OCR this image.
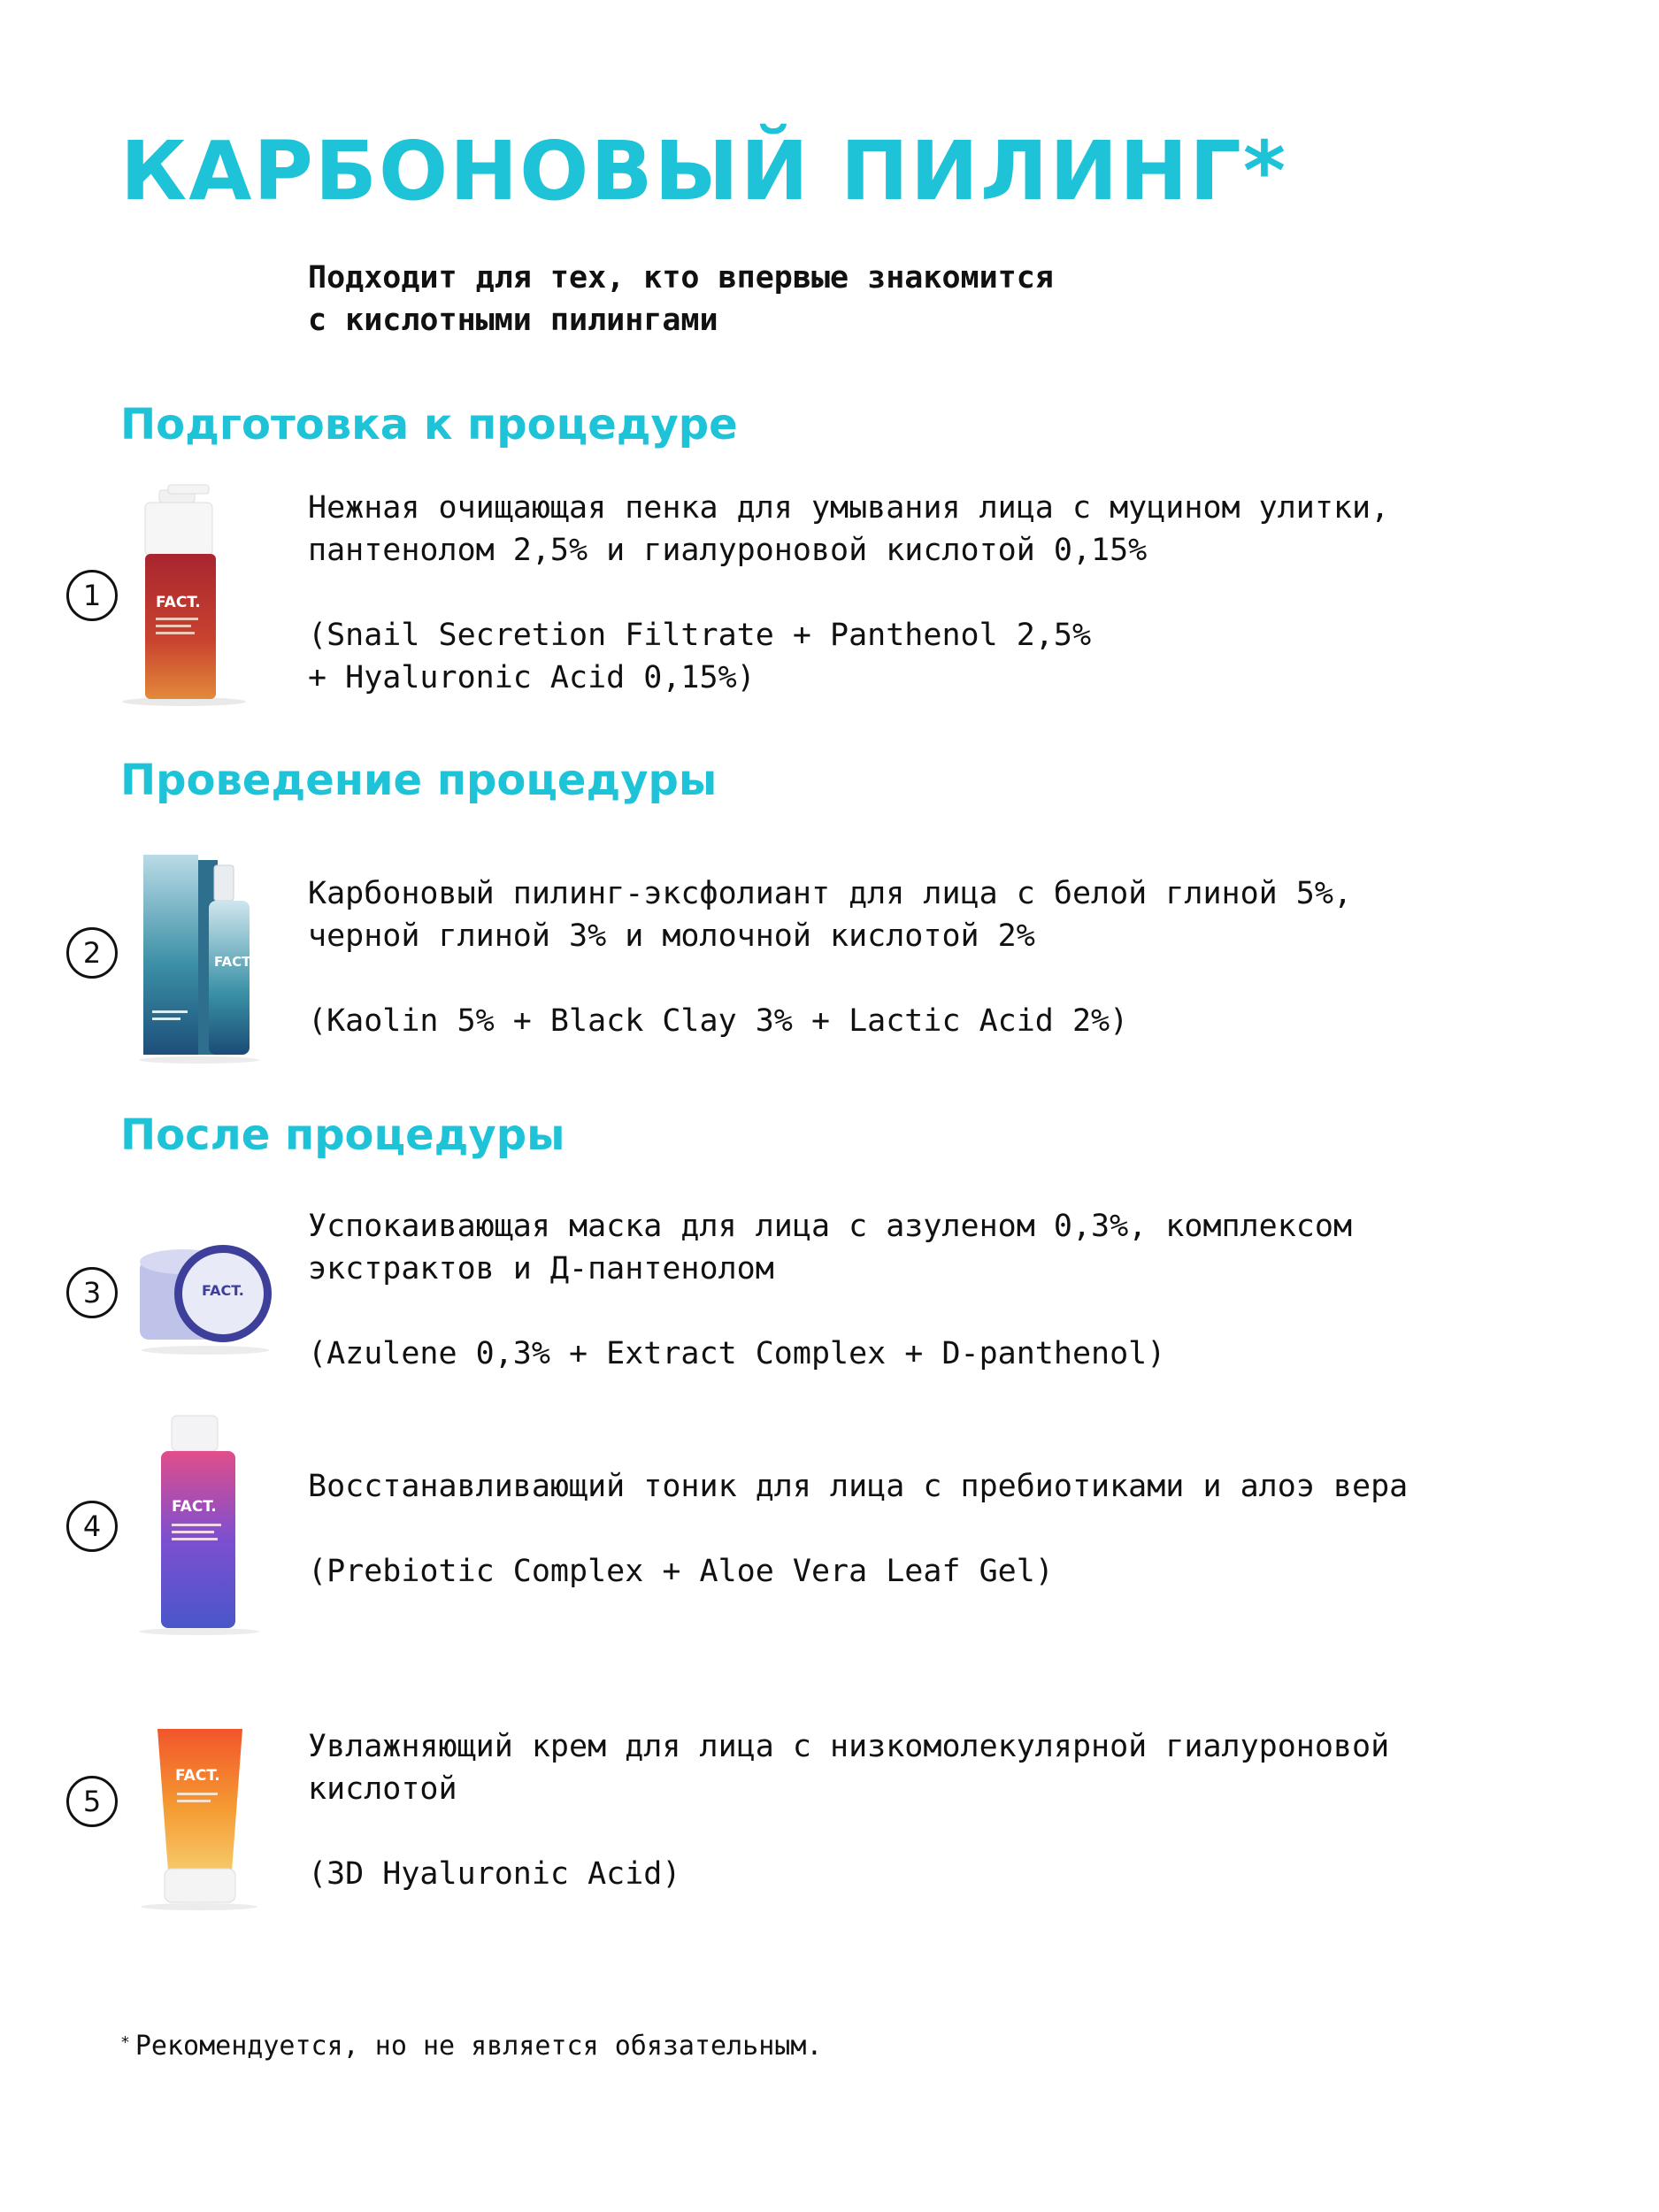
КАРБОНОВЫЙ ПИЛИНГ*
Подходит для тех, кто впервые знакомится
с кислотными пилингами
Подготовка к процедуре
Проведение процедуры
После процедуры
1	FACT.

Нежная очищающая пенка для умывания лица с муцином улитки,

пантенолом 2,5% и гиалуроновой кислотой 0,15%

(Snail Secretion Filtrate + Panthenol 2,5%

+ Hyaluronic Acid 0,15%)

2	FACT.

Карбоновый пилинг-эксфолиант для лица с белой глиной 5%,

черной глиной 3% и молочной кислотой 2%

(Kaolin 5% + Black Clay 3% + Lactic Acid 2%)

3	FACT.

Успокаивающая маска для лица с азуленом 0,3%, комплексом

экстрактов и Д-пантенолом

(Azulene 0,3% + Extract Complex + D-panthenol)

4
FACT.

Восстанавливающий тоник для лица с пребиотиками и алоэ вера

(Prebiotic Complex + Aloe Vera Leaf Gel)

5
FACT.

Увлажняющий крем для лица с низкомолекулярной гиалуроновой

кислотой

(3D Hyaluronic Acid)

* Рекомендуется, но не является обязательным.
